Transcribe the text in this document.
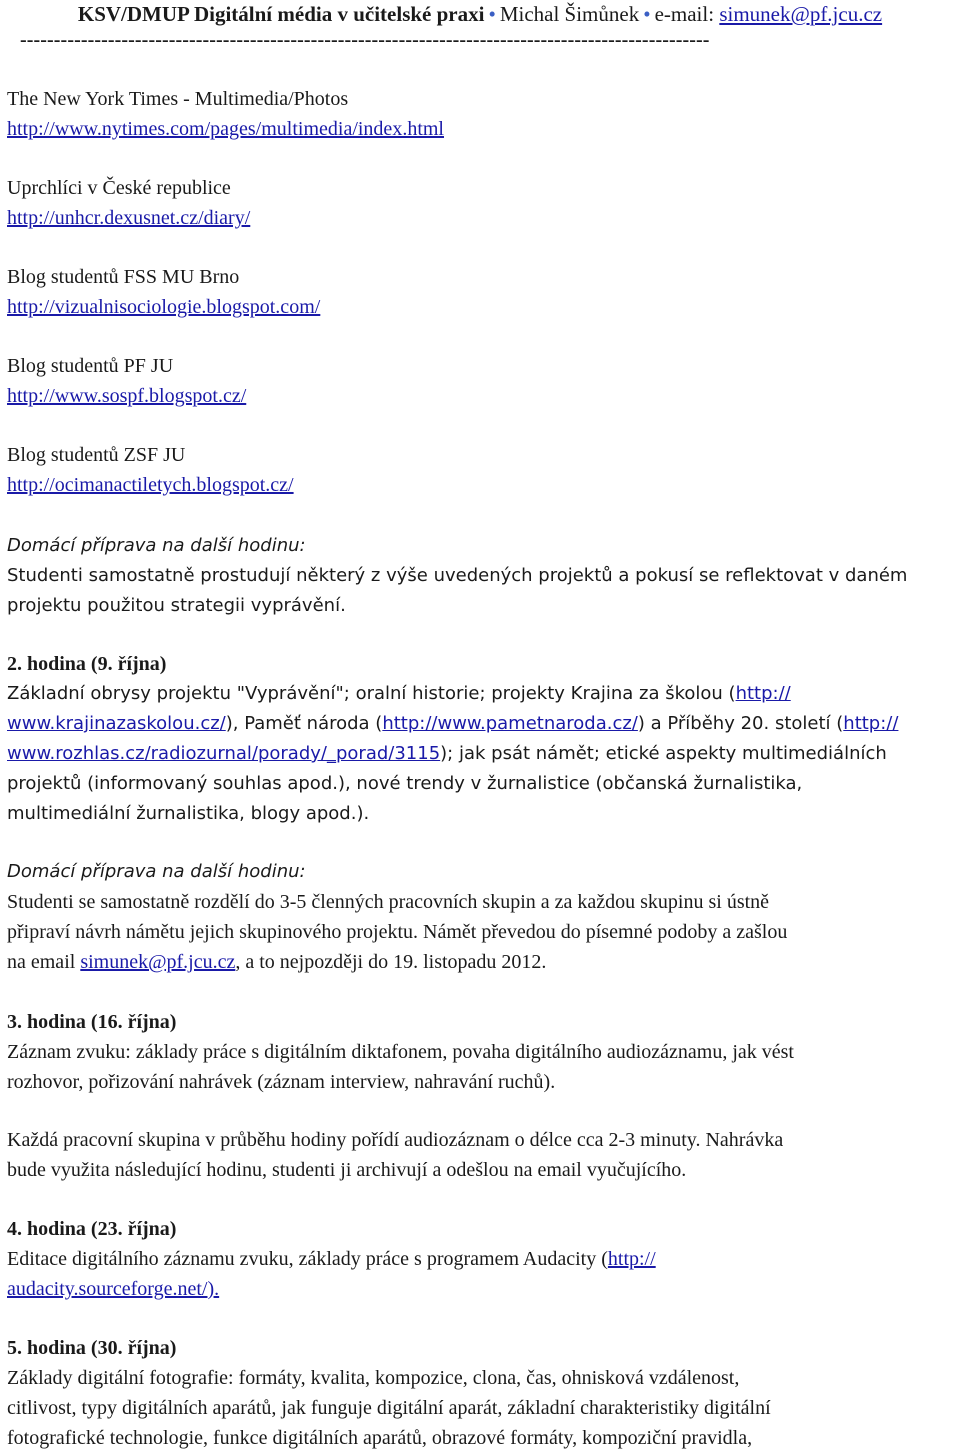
KSV/DMUP Digitální média v učitelské praxi • Michal Šimůnek • e-mail: simunek@pf.jcu.cz
------------------------------------------------------------------------------------------------------
The New York Times - Multimedia/Photos
http://www.nytimes.com/pages/multimedia/index.html
Uprchlíci v České republice
http://unhcr.dexusnet.cz/diary/
Blog studentů FSS MU Brno
http://vizualnisociologie.blogspot.com/
Blog studentů PF JU
http://www.sospf.blogspot.cz/
Blog studentů ZSF JU
http://ocimanactiletych.blogspot.cz/
Domácí příprava na další hodinu:
Studenti samostatně prostudují některý z výše uvedených projektů a pokusí se reflektovat v daném
projektu použitou strategii vyprávění.
2. hodina (9. října)
Základní obrysy projektu "Vyprávění"; oralní historie; projekty Krajina za školou (http://
www.krajinazaskolou.cz/), Paměť národa (http://www.pametnaroda.cz/) a Příběhy 20. století (http://
www.rozhlas.cz/radiozurnal/porady/_porad/3115); jak psát námět; etické aspekty multimediálních
projektů (informovaný souhlas apod.), nové trendy v žurnalistice (občanská žurnalistika,
multimediální žurnalistika, blogy apod.).
Domácí příprava na další hodinu:
Studenti se samostatně rozdělí do 3-5 členných pracovních skupin a za každou skupinu si ústně
připraví návrh námětu jejich skupinového projektu. Námět převedou do písemné podoby a zašlou
na email simunek@pf.jcu.cz, a to nejpozději do 19. listopadu 2012.
3. hodina (16. října)
Záznam zvuku: základy práce s digitálním diktafonem, povaha digitálního audiozáznamu, jak vést
rozhovor, pořizování nahrávek (záznam interview, nahravání ruchů).
Každá pracovní skupina v průběhu hodiny pořídí audiozáznam o délce cca 2-3 minuty. Nahrávka
bude využita následující hodinu, studenti ji archivují a odešlou na email vyučujícího.
4. hodina (23. října)
Editace digitálního záznamu zvuku, základy práce s programem Audacity (http://
audacity.sourceforge.net/).
5. hodina (30. října)
Základy digitální fotografie: formáty, kvalita, kompozice, clona, čas, ohnisková vzdálenost,
citlivost, typy digitálních aparátů, jak funguje digitální aparát, základní charakteristiky digitální
fotografické technologie, funkce digitálních aparátů, obrazové formáty, kompoziční pravidla,
